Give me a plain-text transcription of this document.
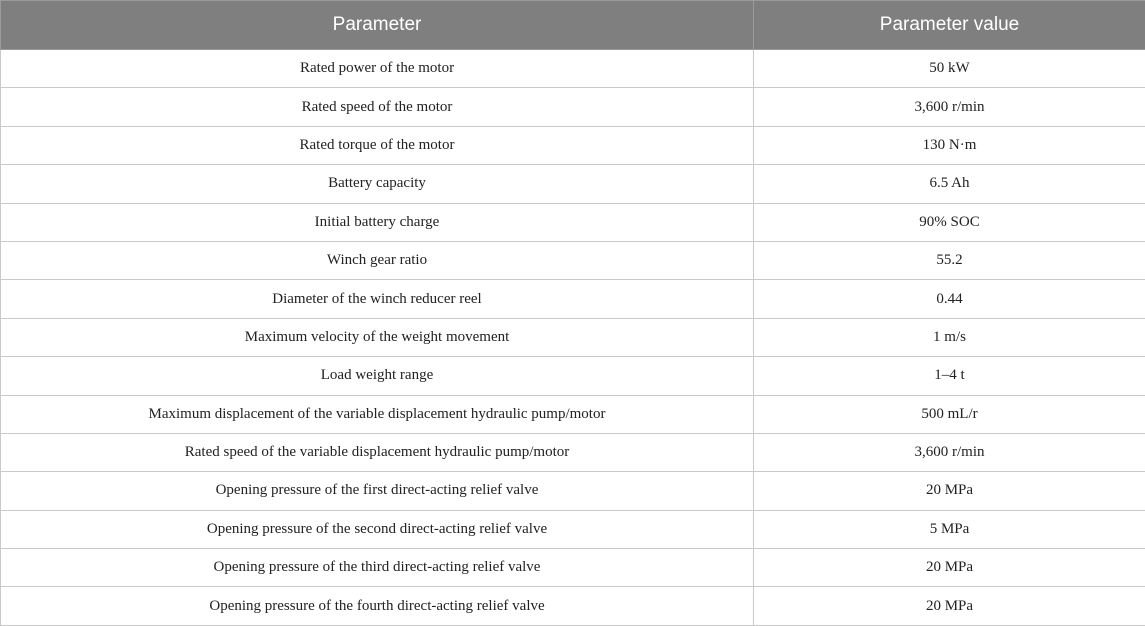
Parameter	Parameter value
Rated power of the motor	50 kW
Rated speed of the motor	3,600 r/min
Rated torque of the motor	130 N·m
Battery capacity	6.5 Ah
Initial battery charge	90% SOC
Winch gear ratio	55.2
Diameter of the winch reducer reel	0.44
Maximum velocity of the weight movement	1 m/s
Load weight range	1–4 t
Maximum displacement of the variable displacement hydraulic pump/motor	500 mL/r
Rated speed of the variable displacement hydraulic pump/motor	3,600 r/min
Opening pressure of the first direct-acting relief valve	20 MPa
Opening pressure of the second direct-acting relief valve	5 MPa
Opening pressure of the third direct-acting relief valve	20 MPa
Opening pressure of the fourth direct-acting relief valve	20 MPa
